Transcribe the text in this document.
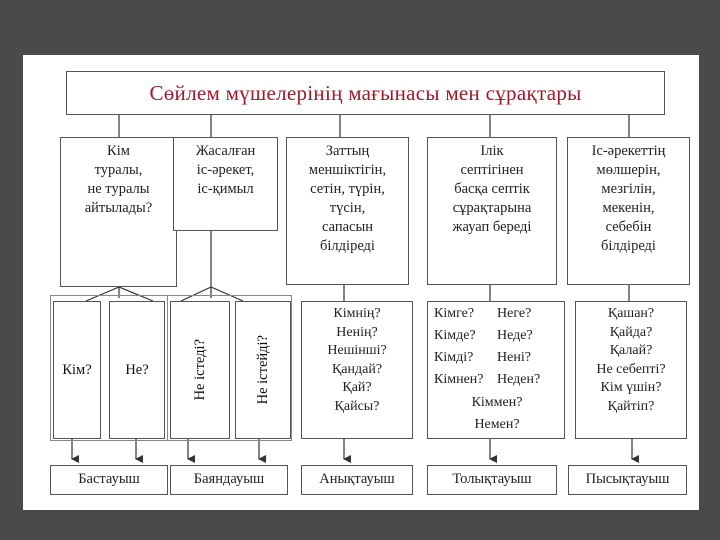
Сөйлем мүшелерінің мағынасы мен сұрақтары
Кім
туралы,
не туралы
айтылады?
Жасалған
іс-әрекет,
іс-қимыл
Заттың
меншіктігін,
сетін, түрін,
түсін,
сапасын
білдіреді
Ілік
септігінен
басқа септік
сұрақтарына
жауап береді
Іс-әрекеттің
мөлшерін,
мезгілін,
мекенін,
себебін
білдіреді
Кім? Не?	Не істеді?	Не істейді?
Кімнің?
Ненің?
Нешінші?
Қандай?
Қай?
Қайсы?
Кімге?	Неге?
Кімде?	Неде?
Кімді?	Нені?
Кімнен? Неден?
Кіммен?
Немен?
Қашан?
Қайда?
Қалай?
Не себепті?
Кім үшін?
Қайтіп?
Бастауыш	Баяндауыш	Анықтауыш	Толықтауыш	Пысықтауыш
